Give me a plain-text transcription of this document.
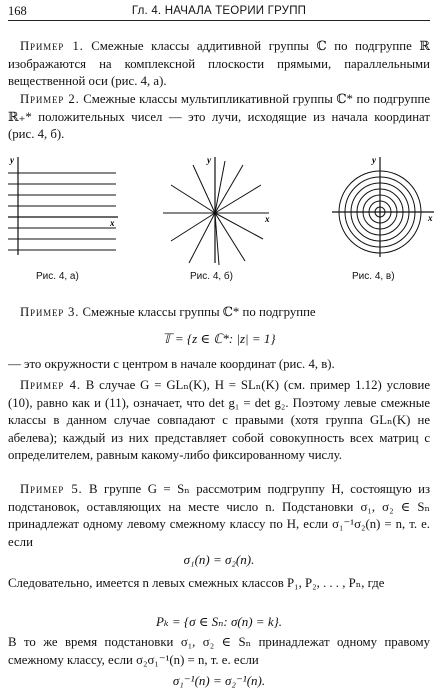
168	Гл. 4. НАЧАЛА ТЕОРИИ ГРУПП
Пример 1. Смежные классы аддитивной группы ℂ по подгруппе ℝ изображаются на комплексной плоскости прямыми, параллельными вещественной оси (рис. 4, а).
Пример 2. Смежные классы мультипликативной группы ℂ* по подгруппе ℝ₊* положительных чисел — это лучи, исходящие из начала координат (рис. 4, б).
y
x
Рис. 4, а)
y
x
Рис. 4, б)
y
x
Рис. 4, в)
Пример 3. Смежные классы группы ℂ* по подгруппе
𝕋 = {z ∈ ℂ*: |z| = 1}
— это окружности с центром в начале координат (рис. 4, в).
Пример 4. В случае G = GLₙ(K), H = SLₙ(K) (см. пример 1.12) условие (10), равно как и (11), означает, что det g₁ = det g₂. Поэтому левые смежные классы в данном случае совпадают с правыми (хотя группа GLₙ(K) не абелева); каждый из них представляет собой совокупность всех матриц с определителем, равным какому-либо фиксированному числу.
Пример 5. В группе G = Sₙ рассмотрим подгруппу H, состоящую из подстановок, оставляющих на месте число n. Подстановки σ₁, σ₂ ∈ Sₙ принадлежат одному левому смежному классу по H, если σ₁⁻¹σ₂(n) = n, т. е. если
σ₁(n) = σ₂(n).
Следовательно, имеется n левых смежных классов P₁, P₂, . . . , Pₙ, где
Pₖ = {σ ∈ Sₙ: σ(n) = k}.
В то же время подстановки σ₁, σ₂ ∈ Sₙ принадлежат одному правому смежному классу, если σ₂σ₁⁻¹(n) = n, т. е. если
σ₁⁻¹(n) = σ₂⁻¹(n).
